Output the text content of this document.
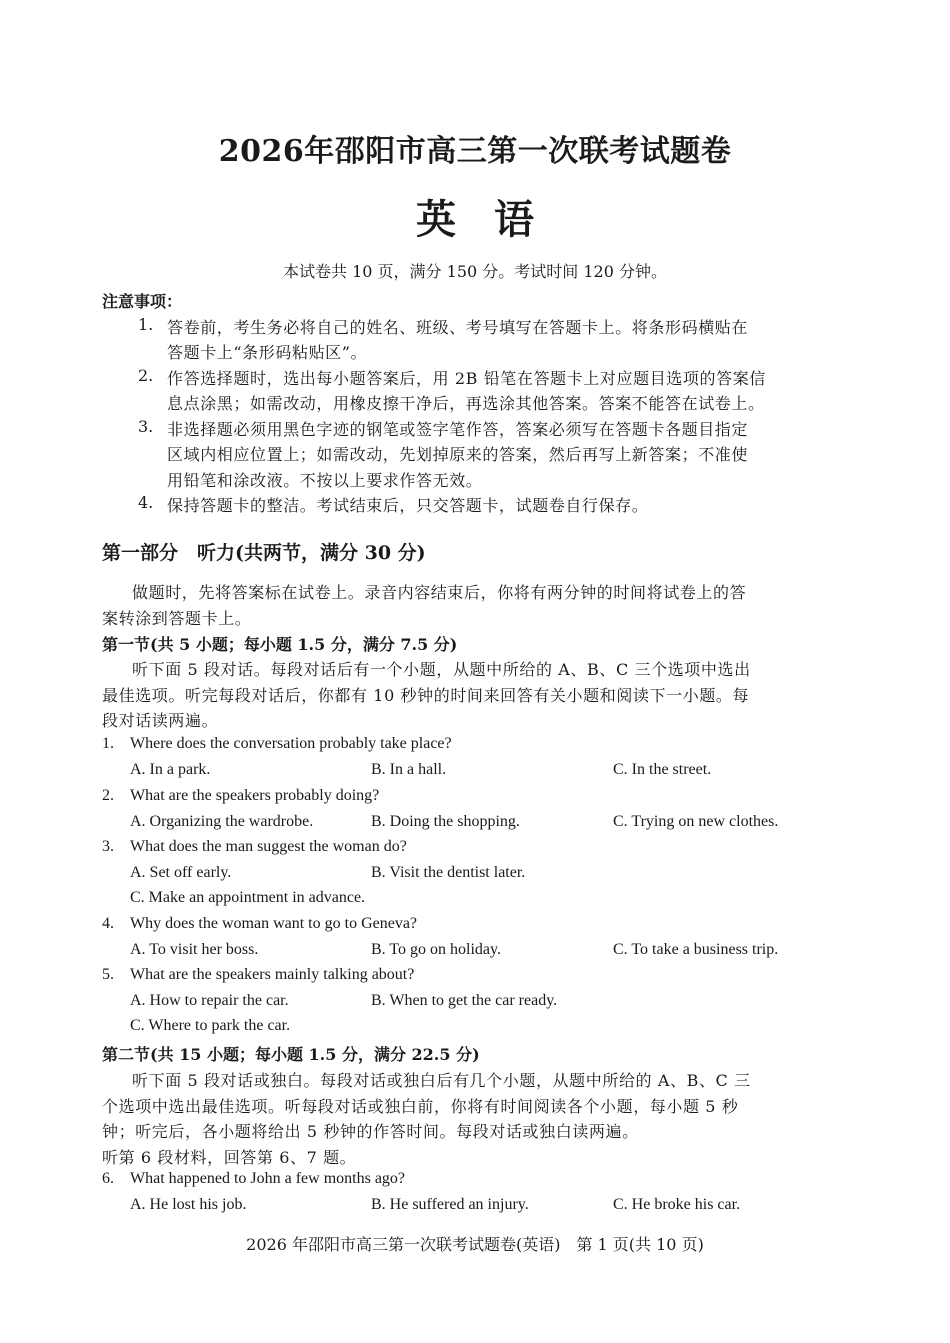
2026年邵阳市高三第一次联考试题卷
英语
本试卷共 10 页，满分 150 分。考试时间 120 分钟。
注意事项：
1. 答卷前，考生务必将自己的姓名、班级、考号填写在答题卡上。将条形码横贴在
答题卡上“条形码粘贴区”。
2. 作答选择题时，选出每小题答案后，用 2B 铅笔在答题卡上对应题目选项的答案信
息点涂黑；如需改动，用橡皮擦干净后，再选涂其他答案。答案不能答在试卷上。
3. 非选择题必须用黑色字迹的钢笔或签字笔作答，答案必须写在答题卡各题目指定
区域内相应位置上；如需改动，先划掉原来的答案，然后再写上新答案；不准使
用铅笔和涂改液。不按以上要求作答无效。
4. 保持答题卡的整洁。考试结束后，只交答题卡，试题卷自行保存。
第一部分　听力(共两节，满分 30 分)
做题时，先将答案标在试卷上。录音内容结束后，你将有两分钟的时间将试卷上的答
案转涂到答题卡上。
第一节(共 5 小题；每小题 1.5 分，满分 7.5 分)
听下面 5 段对话。每段对话后有一个小题，从题中所给的 A、B、C 三个选项中选出
最佳选项。听完每段对话后，你都有 10 秒钟的时间来回答有关小题和阅读下一小题。每
段对话读两遍。
1. Where does the conversation probably take place?
A. In a park.	B. In a hall.	C. In the street.
2. What are the speakers probably doing?
A. Organizing the wardrobe.	B. Doing the shopping.	C. Trying on new clothes.
3. What does the man suggest the woman do?
A. Set off early.	B. Visit the dentist later.
C. Make an appointment in advance.
4. Why does the woman want to go to Geneva?
A. To visit her boss.	B. To go on holiday.	C. To take a business trip.
5. What are the speakers mainly talking about?
A. How to repair the car.	B. When to get the car ready.
C. Where to park the car.
第二节(共 15 小题；每小题 1.5 分，满分 22.5 分)
听下面 5 段对话或独白。每段对话或独白后有几个小题，从题中所给的 A、B、C 三
个选项中选出最佳选项。听每段对话或独白前，你将有时间阅读各个小题，每小题 5 秒
钟；听完后，各小题将给出 5 秒钟的作答时间。每段对话或独白读两遍。
听第 6 段材料，回答第 6、7 题。
6. What happened to John a few months ago?
A. He lost his job.	B. He suffered an injury.	C. He broke his car.
2026 年邵阳市高三第一次联考试题卷(英语)　第 1 页(共 10 页)
